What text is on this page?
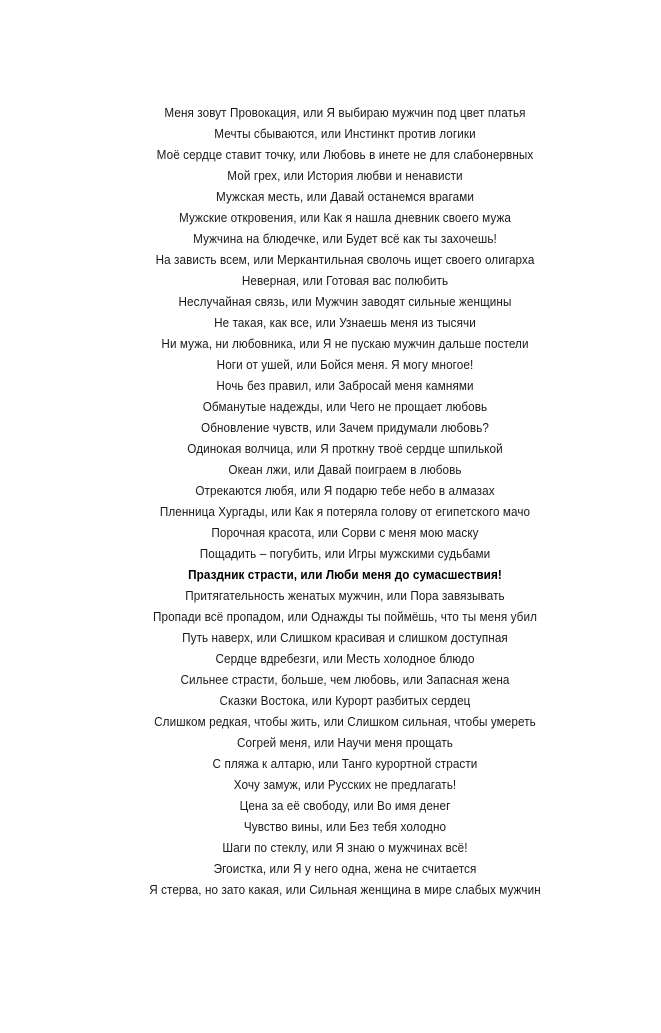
Меня зовут Провокация, или Я выбираю мужчин под цвет платья
Мечты сбываются, или Инстинкт против логики
Моё сердце ставит точку, или Любовь в инете не для слабонервных
Мой грех, или История любви и ненависти
Мужская месть, или Давай останемся врагами
Мужские откровения, или Как я нашла дневник своего мужа
Мужчина на блюдечке, или Будет всё как ты захочешь!
На зависть всем, или Меркантильная сволочь ищет своего олигарха
Неверная, или Готовая вас полюбить
Неслучайная связь, или Мужчин заводят сильные женщины
Не такая, как все, или Узнаешь меня из тысячи
Ни мужа, ни любовника, или Я не пускаю мужчин дальше постели
Ноги от ушей, или Бойся меня. Я могу многое!
Ночь без правил, или Забросай меня камнями
Обманутые надежды, или Чего не прощает любовь
Обновление чувств, или Зачем придумали любовь?
Одинокая волчица, или Я проткну твоё сердце шпилькой
Океан лжи, или Давай поиграем в любовь
Отрекаются любя, или Я подарю тебе небо в алмазах
Пленница Хургады, или Как я потеряла голову от египетского мачо
Порочная красота, или Сорви с меня мою маску
Пощадить – погубить, или Игры мужскими судьбами
Праздник страсти, или Люби меня до сумасшествия!
Притягательность женатых мужчин, или Пора завязывать
Пропади всё пропадом, или Однажды ты поймёшь, что ты меня убил
Путь наверх, или Слишком красивая и слишком доступная
Сердце вдребезги, или Месть холодное блюдо
Сильнее страсти, больше, чем любовь, или Запасная жена
Сказки Востока, или Курорт разбитых сердец
Слишком редкая, чтобы жить, или Слишком сильная, чтобы умереть
Согрей меня, или Научи меня прощать
С пляжа к алтарю, или Танго курортной страсти
Хочу замуж, или Русских не предлагать!
Цена за её свободу, или Во имя денег
Чувство вины, или Без тебя холодно
Шаги по стеклу, или Я знаю о мужчинах всё!
Эгоистка, или Я у него одна, жена не считается
Я стерва, но зато какая, или Сильная женщина в мире слабых мужчин
